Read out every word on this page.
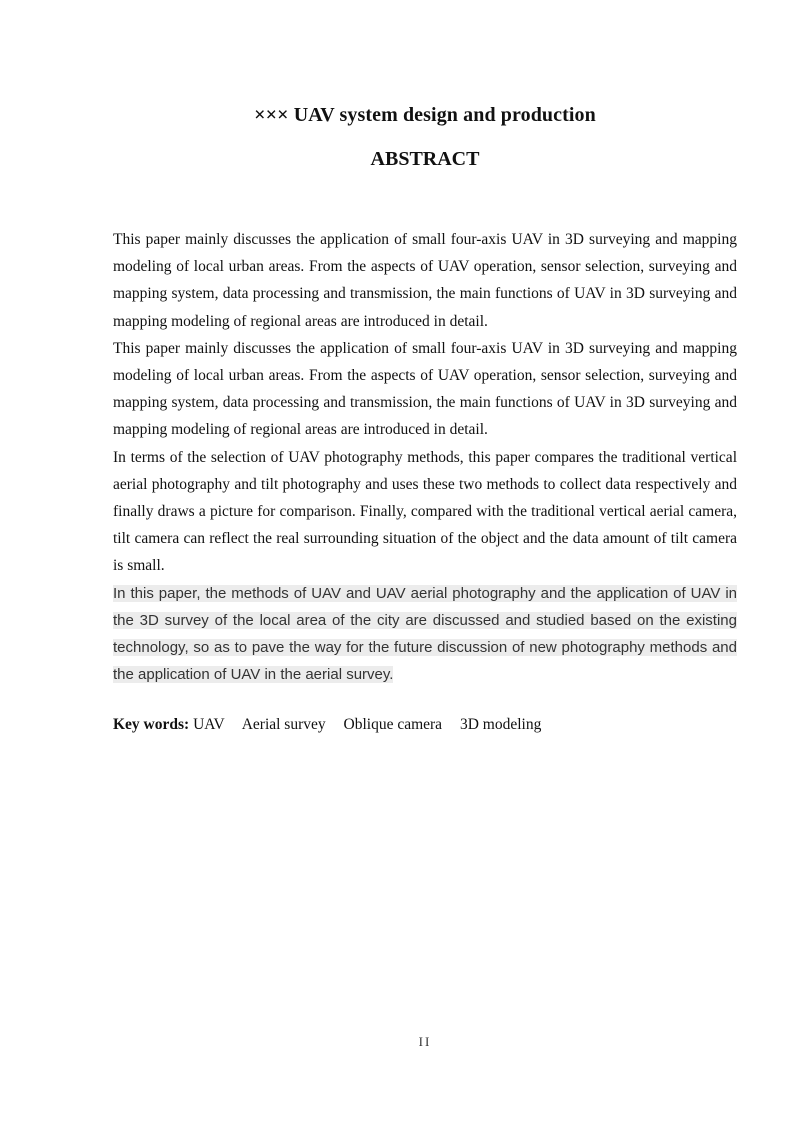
××× UAV system design and production
ABSTRACT

This paper mainly discusses the application of small four-axis UAV in 3D surveying and mapping modeling of local urban areas. From the aspects of UAV operation, sensor selection, surveying and mapping system, data processing and transmission, the main functions of UAV in 3D surveying and mapping modeling of regional areas are introduced in detail.

This paper mainly discusses the application of small four-axis UAV in 3D surveying and mapping modeling of local urban areas. From the aspects of UAV operation, sensor selection, surveying and mapping system, data processing and transmission, the main functions of UAV in 3D surveying and mapping modeling of regional areas are introduced in detail.

In terms of the selection of UAV photography methods, this paper compares the traditional vertical aerial photography and tilt photography and uses these two methods to collect data respectively and finally draws a picture for comparison. Finally, compared with the traditional vertical aerial camera, tilt camera can reflect the real surrounding situation of the object and the data amount of tilt camera is small.

In this paper, the methods of UAV and UAV aerial photography and the application of UAV in the 3D survey of the local area of the city are discussed and studied based on the existing technology, so as to pave the way for the future discussion of new photography methods and the application of UAV in the aerial survey.

Key words: UAV Aerial survey Oblique camera 3D modeling
II
